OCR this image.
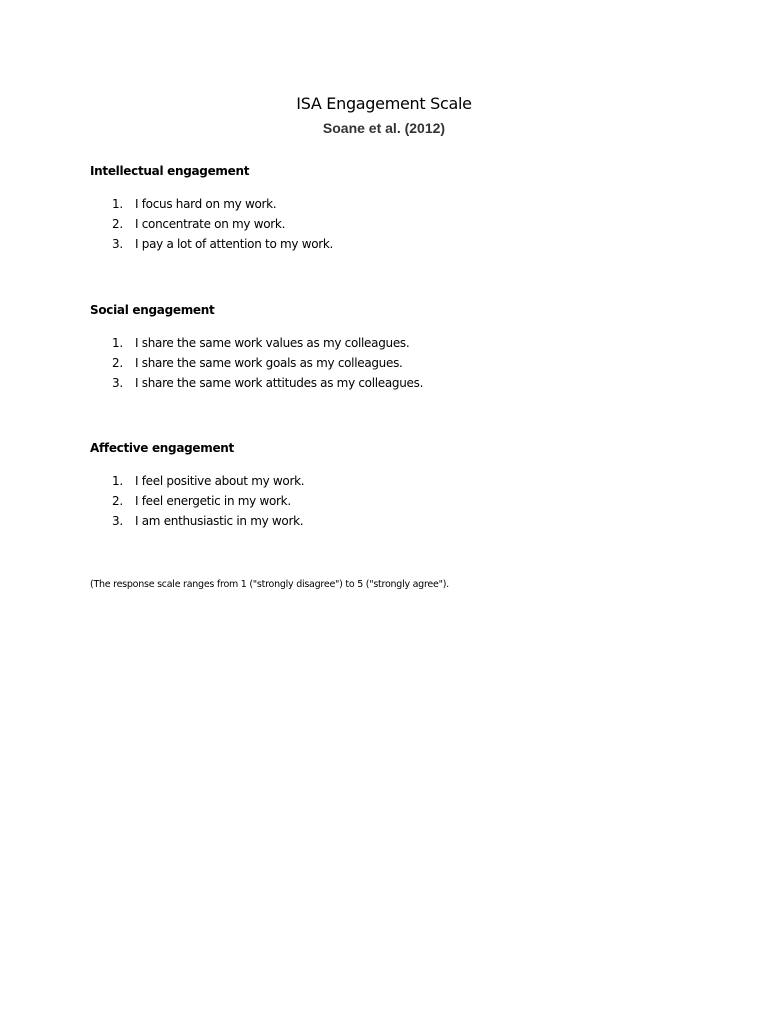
ISA Engagement Scale
Soane et al. (2012)

Intellectual engagement

1. I focus hard on my work.
2. I concentrate on my work.
3. I pay a lot of attention to my work.

Social engagement

1. I share the same work values as my colleagues.
2. I share the same work goals as my colleagues.
3. I share the same work attitudes as my colleagues.

Affective engagement

1. I feel positive about my work.
2. I feel energetic in my work.
3. I am enthusiastic in my work.
(The response scale ranges from 1 ("strongly disagree") to 5 ("strongly agree").
